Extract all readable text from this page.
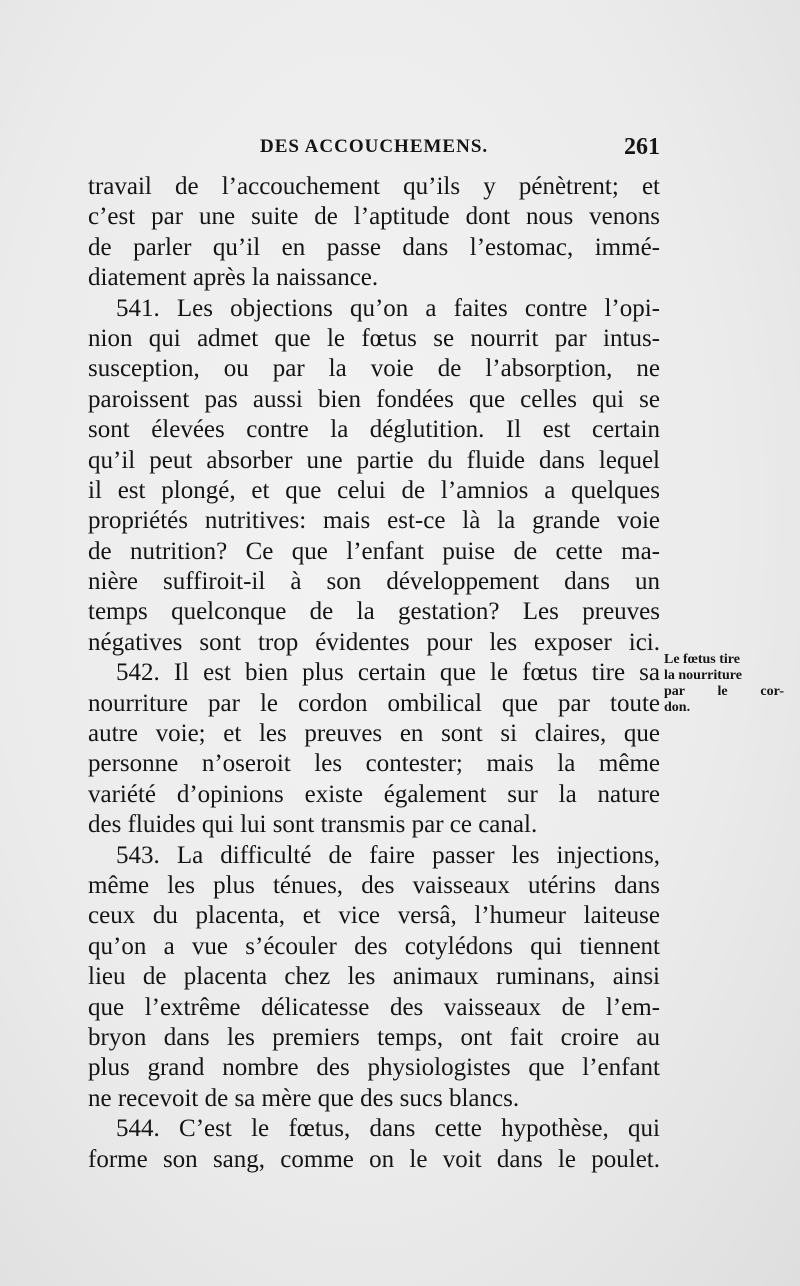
DES ACCOUCHEMENS.	261
travail de l’accouchement qu’ils y pénètrent; et
c’est par une suite de l’aptitude dont nous venons
de parler qu’il en passe dans l’estomac, immé-
diatement après la naissance.
541. Les objections qu’on a faites contre l’opi-
nion qui admet que le fœtus se nourrit par intus-
susception, ou par la voie de l’absorption, ne
paroissent pas aussi bien fondées que celles qui se
sont élevées contre la déglutition. Il est certain
qu’il peut absorber une partie du fluide dans lequel
il est plongé, et que celui de l’amnios a quelques
propriétés nutritives: mais est-ce là la grande voie
de nutrition? Ce que l’enfant puise de cette ma-
nière suffiroit-il à son développement dans un
temps quelconque de la gestation? Les preuves
négatives sont trop évidentes pour les exposer ici.
542. Il est bien plus certain que le fœtus tire sa
nourriture par le cordon ombilical que par toute
autre voie; et les preuves en sont si claires, que
personne n’oseroit les contester; mais la même
variété d’opinions existe également sur la nature
des fluides qui lui sont transmis par ce canal.
543. La difficulté de faire passer les injections,
même les plus ténues, des vaisseaux utérins dans
ceux du placenta, et vice versâ, l’humeur laiteuse
qu’on a vue s’écouler des cotylédons qui tiennent
lieu de placenta chez les animaux ruminans, ainsi
que l’extrême délicatesse des vaisseaux de l’em-
bryon dans les premiers temps, ont fait croire au
plus grand nombre des physiologistes que l’enfant
ne recevoit de sa mère que des sucs blancs.
544. C’est le fœtus, dans cette hypothèse, qui
forme son sang, comme on le voit dans le poulet.
Le fœtus tire
la nourriture
par le cor-
don.
